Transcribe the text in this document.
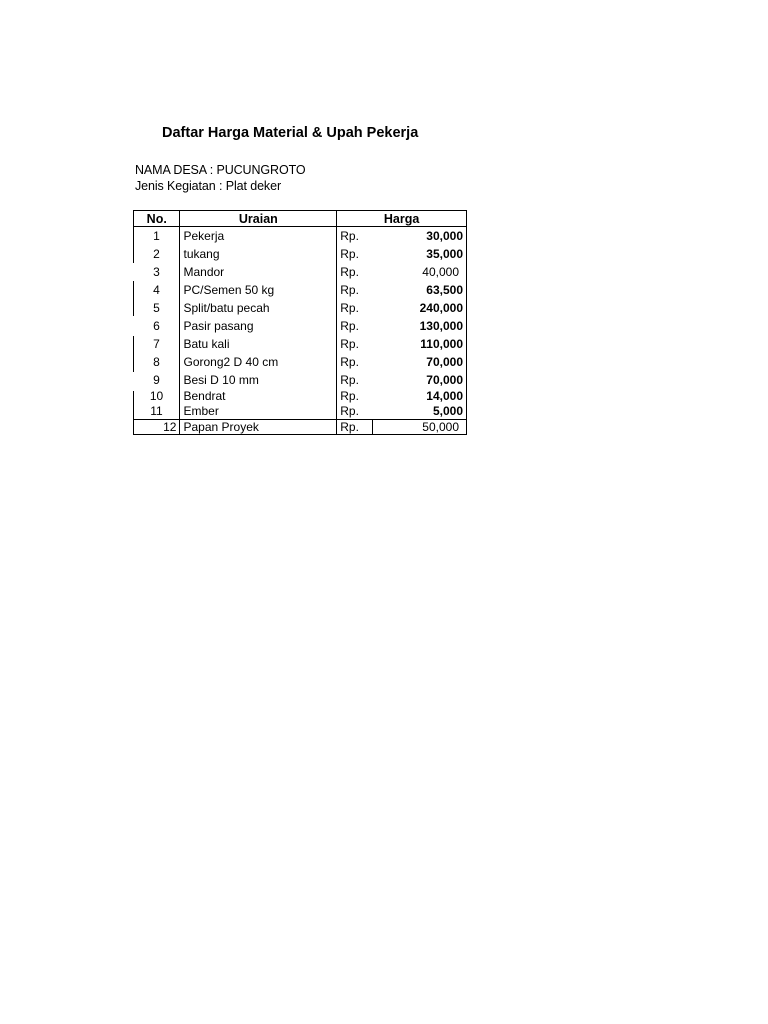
Daftar Harga Material & Upah Pekerja
NAMA DESA : PUCUNGROTO
Jenis Kegiatan : Plat deker
No.	Uraian	Harga	
1	Pekerja	Rp.	30,000
2	tukang	Rp.	35,000
3	Mandor	Rp.	40,000
4	PC/Semen 50 kg	Rp.	63,500
5	Split/batu pecah	Rp.	240,000
6	Pasir pasang	Rp.	130,000
7	Batu kali	Rp.	110,000
8	Gorong2 D 40 cm	Rp.	70,000
9	Besi D 10 mm	Rp.	70,000
10	Bendrat	Rp.	14,000
11	Ember	Rp.	5,000
12	Papan Proyek	Rp.	50,000
